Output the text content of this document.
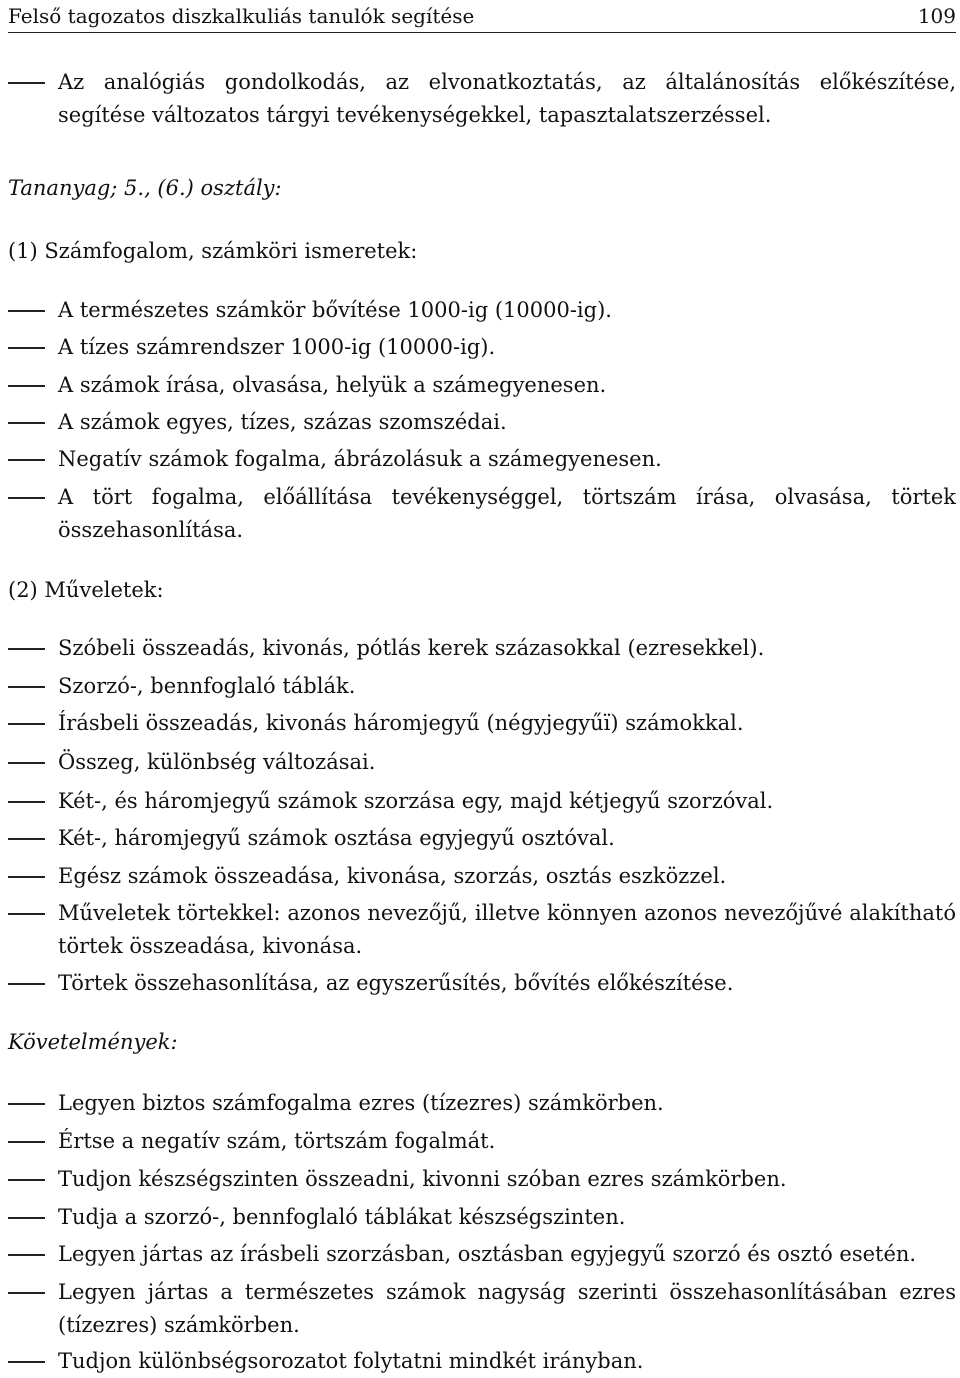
Felső tagozatos diszkalkuliás tanulók segítése	109
Az analógiás gondolkodás, az elvonatkoztatás, az általánosítás előkészítése, segítése változatos tárgyi tevékenységekkel, tapasztalatszerzéssel.
Tananyag; 5., (6.) osztály:
(1) Számfogalom, számköri ismeretek:
A természetes számkör bővítése 1000-ig (10000-ig).
A tízes számrendszer 1000-ig (10000-ig).
A számok írása, olvasása, helyük a számegyenesen.
A számok egyes, tízes, százas szomszédai.
Negatív számok fogalma, ábrázolásuk a számegyenesen.
A tört fogalma, előállítása tevékenységgel, törtszám írása, olvasása, törtek összehasonlítása.
(2) Műveletek:
Szóbeli összeadás, kivonás, pótlás kerek százasokkal (ezresekkel).
Szorzó-, bennfoglaló táblák.
Írásbeli összeadás, kivonás háromjegyű (négyjegyűï) számokkal.
Összeg, különbség változásai.
Két-, és háromjegyű számok szorzása egy, majd kétjegyű szorzóval.
Két-, háromjegyű számok osztása egyjegyű osztóval.
Egész számok összeadása, kivonása, szorzás, osztás eszközzel.
Műveletek törtekkel: azonos nevezőjű, illetve könnyen azonos nevezőjűvé alakítható törtek összeadása, kivonása.
Törtek összehasonlítása, az egyszerűsítés, bővítés előkészítése.
Követelmények:
Legyen biztos számfogalma ezres (tízezres) számkörben.
Értse a negatív szám, törtszám fogalmát.
Tudjon készségszinten összeadni, kivonni szóban ezres számkörben.
Tudja a szorzó-, bennfoglaló táblákat készségszinten.
Legyen jártas az írásbeli szorzásban, osztásban egyjegyű szorzó és osztó esetén.
Legyen jártas a természetes számok nagyság szerinti összehasonlításában ezres (tízezres) számkörben.
Tudjon különbségsorozatot folytatni mindkét irányban.
